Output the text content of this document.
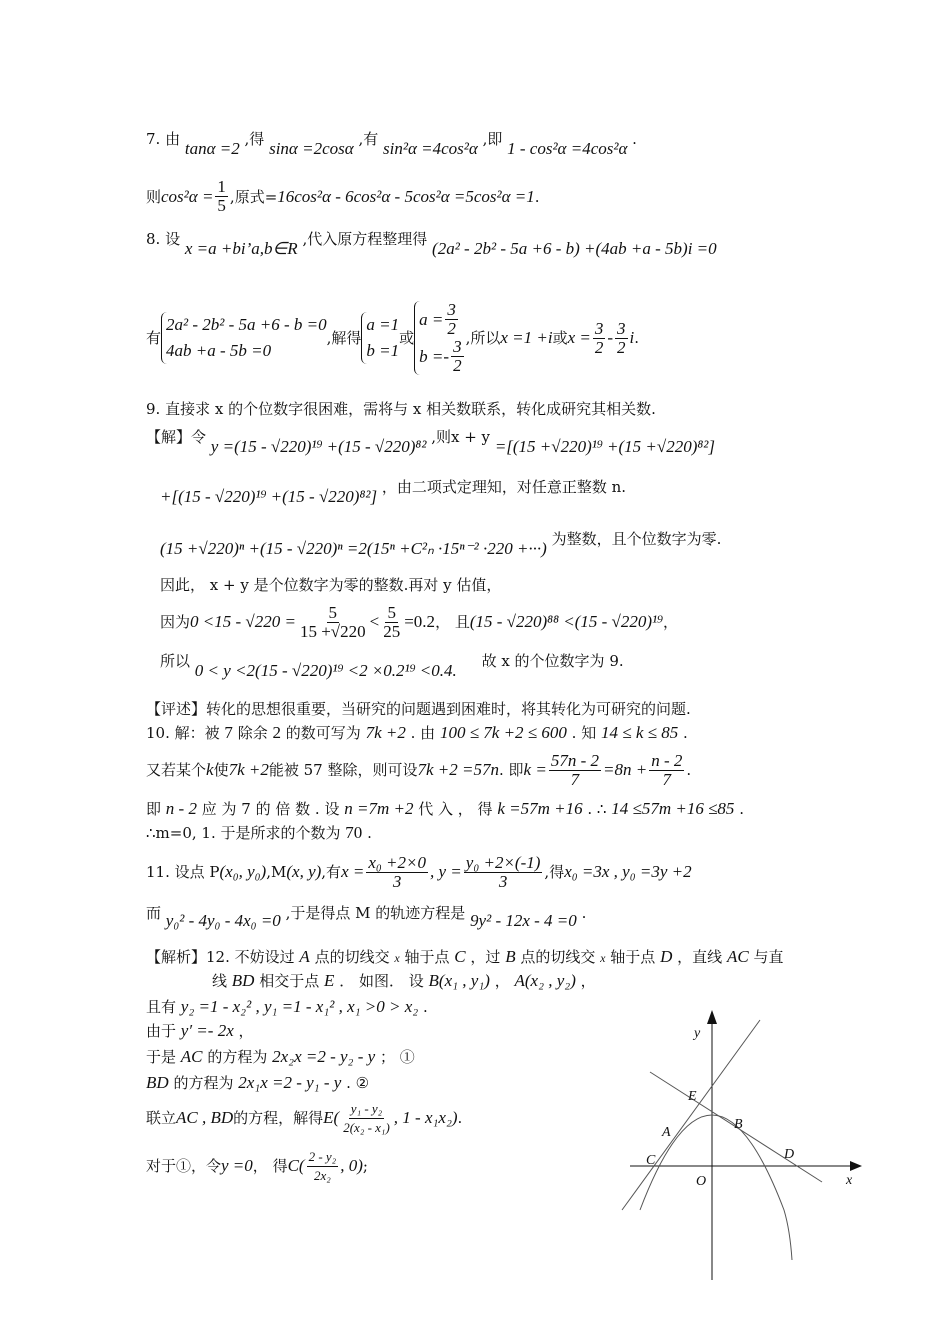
7. 由 tanα =2 ,得 sinα =2cosα ,有 sin²α =4cos²α ,即 1 - cos²α =4cos²α .
则 $\cos^2\alpha = \frac{1}{5}$ ,原式= 16cos²α - 6cos²α - 5cos²α =5cos²α =1 .
8. 设 x =a +bi’a,b∈R ,代入原方程整理得 (2a² - 2b² - 5a +6 - b) +(4ab +a - 5b)i =0
有
2a² - 2b² - 5a +6 - b =0
4ab +a - 5b =0
,解得
a =1
b =1
或
$a = \frac{3}{2}$
$b =- \frac{3}{2}$ ,所以 x =1 +i 或 $x = \frac{3}{2} - \frac{3}{2}$ i .
9. 直接求 x 的个位数字很困难，需将与 x 相关数联系，转化成研究其相关数.
【解】令 y =(15 - √220)¹⁹ +(15 - √220)⁸² ,则x + y =[(15 +√220)¹⁹ +(15 +√220)⁸²]
+[(15 - √220)¹⁹ +(15 - √220)⁸²] ，由二项式定理知，对任意正整数 n.
(15 +√220)ⁿ +(15 - √220)ⁿ =2(15ⁿ +C²ₙ ·15ⁿ⁻² ·220 +···) 为整数，且个位数字为零.
因此， x + y 是个位数字为零的整数.再对 y 估值，
因为 $0 <15 - √220 = \frac{5}{15 +√220} < \frac{5}{25} =0.2$ ， 且 (15 - √220)⁸⁸ <(15 - √220)¹⁹ ，
所以 0 < y <2(15 - √220)¹⁹ <2 ×0.2¹⁹ <0.4. 故 x 的个位数字为 9.
【评述】转化的思想很重要，当研究的问题遇到困难时，将其转化为可研究的问题.
10. 解：被 7 除余 2 的数可写为 7k +2 . 由 100 ≤ 7k +2 ≤ 600 . 知 14 ≤ k ≤ 85 .
又若某个 k 使 7k +2 能被 57 整除，则可设 7k +2 =57n . 即 $k = \frac{57n - 2}{7} =8n + \frac{n - 2}{7}$ .
即 n - 2 应 为 7 的 倍 数 . 设 n =7m +2 代 入 ， 得 k =57m +16 . ∴ 14 ≤57m +16 ≤85 .
∴m=0, 1. 于是所求的个数为 70 .
11. 设点 P (x₀, y₀) ,M (x, y) ,有 $x = \frac{\text{x₀ +2×0}}{3}$ , $y = \frac{\text{y₀ +2×(-1)}}{3}$ ,得 x₀ =3x , y₀ =3y +2
而 y₀² - 4y₀ - 4x₀ =0 ,于是得点 M 的轨迹方程是 9y² - 12x - 4 =0 .
【解析】12. 不妨设过 A 点的切线交 x 轴于点 C ，过 B 点的切线交 x 轴于点 D ，直线 AC 与直
线 BD 相交于点 E ． 如图． 设 B(x₁ , y₁) ， A(x₂ , y₂) ，
且有 y₂ =1 - x₂² , y₁ =1 - x₁² , x₁ >0 > x₂ .
由于 y′ =- 2x ，
于是 AC 的方程为 2x₂x =2 - y₂ - y ； ①
BD 的方程为 2x₁x =2 - y₁ - y . ②
联立 AC , BD 的方程，解得 $E( \frac{\text{y₁ - y₂}}{\text{2(x₂ - x₁)}}$ , 1 - x₁x₂) .
对于①，令 y =0 ， 得 $C( \frac{\text{2 - y₂}}{\text{2x₂}}$ , 0) ;
y
x
O
A
B
C	D
E
